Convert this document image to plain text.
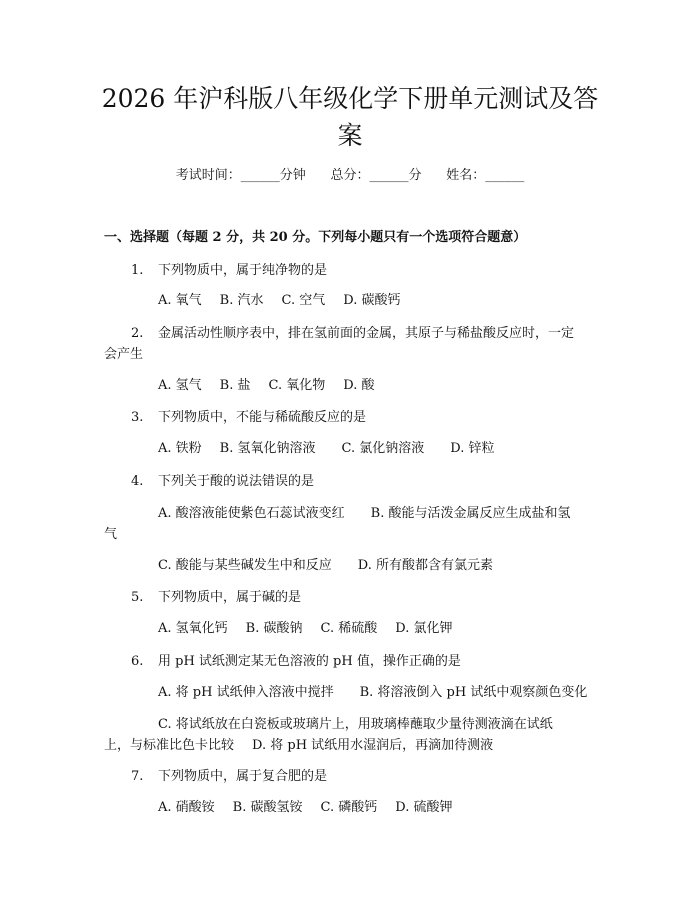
2026 年沪科版八年级化学下册单元测试及答
案
考试时间：______分钟      总分：______分      姓名：______
一、选择题（每题 2 分，共 20 分。下列每小题只有一个选项符合题意）
1. 下列物质中，属于纯净物的是
A. 氧气 B. 汽水 C. 空气 D. 碳酸钙
2. 金属活动性顺序表中，排在氢前面的金属，其原子与稀盐酸反应时，一定
会产生
A. 氢气 B. 盐 C. 氧化物 D. 酸
3. 下列物质中，不能与稀硫酸反应的是
A. 铁粉 B. 氢氧化钠溶液 C. 氯化钠溶液 D. 锌粒
4. 下列关于酸的说法错误的是
A. 酸溶液能使紫色石蕊试液变红 B. 酸能与活泼金属反应生成盐和氢
气
C. 酸能与某些碱发生中和反应 D. 所有酸都含有氯元素
5. 下列物质中，属于碱的是
A. 氢氧化钙 B. 碳酸钠 C. 稀硫酸 D. 氯化钾
6. 用 pH 试纸测定某无色溶液的 pH 值，操作正确的是
A. 将 pH 试纸伸入溶液中搅拌 B. 将溶液倒入 pH 试纸中观察颜色变化
C. 将试纸放在白瓷板或玻璃片上，用玻璃棒蘸取少量待测液滴在试纸
上，与标准比色卡比较 D. 将 pH 试纸用水湿润后，再滴加待测液
7. 下列物质中，属于复合肥的是
A. 硝酸铵 B. 碳酸氢铵 C. 磷酸钙 D. 硫酸钾
